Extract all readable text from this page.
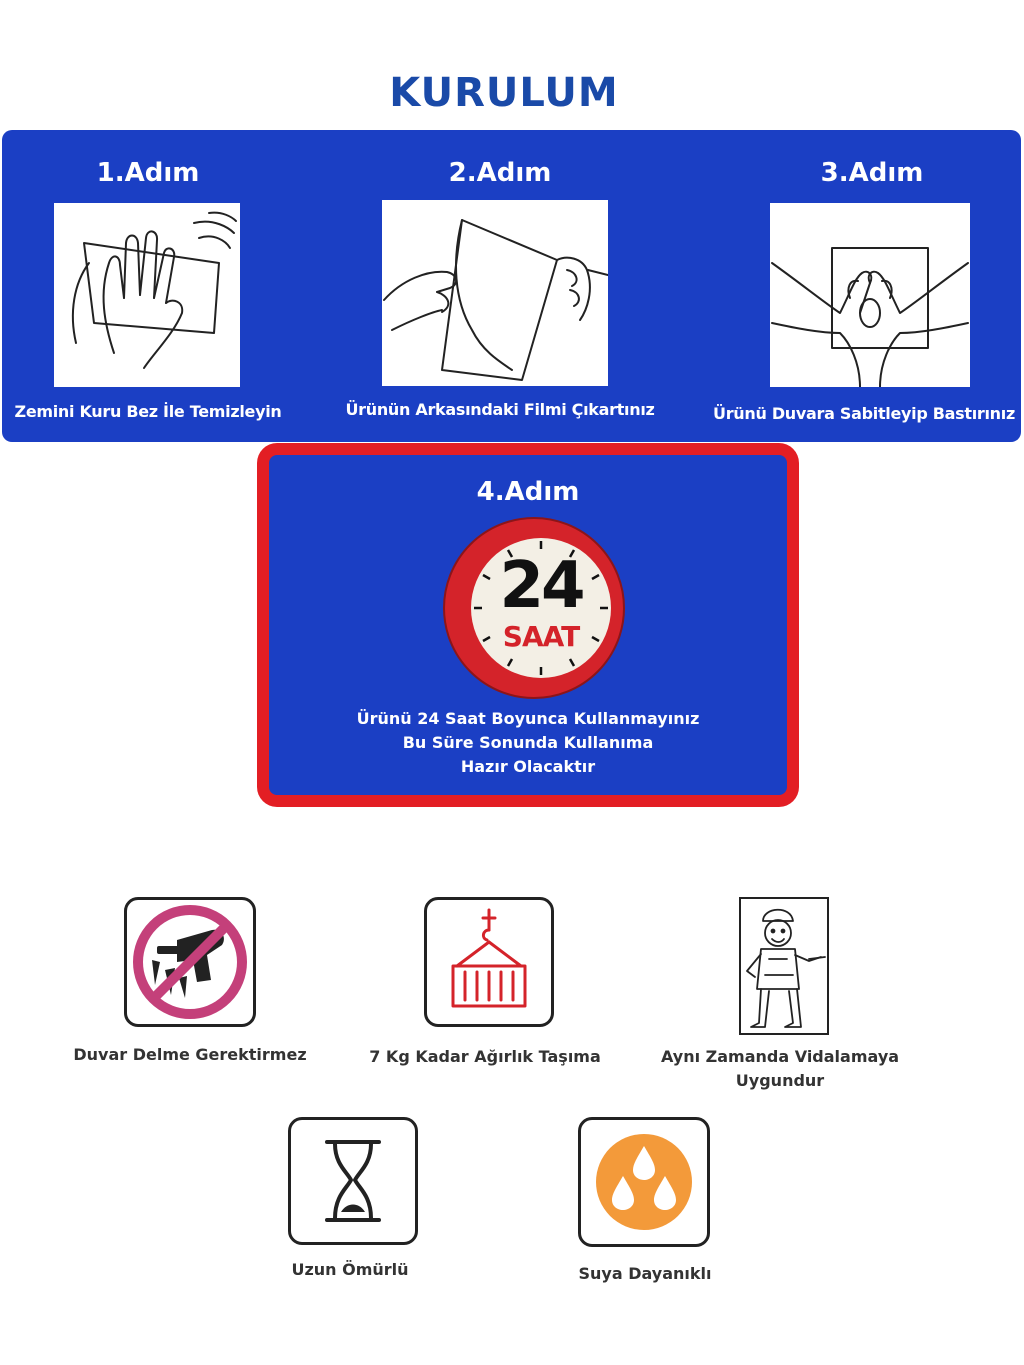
KURULUM
1.Adım
Zemini Kuru Bez İle Temizleyin
2.Adım
Ürünün Arkasındaki Filmi Çıkartınız
3.Adım
Ürünü Duvara Sabitleyip Bastırınız
4.Adım
24
SAAT
Ürünü 24 Saat Boyunca Kullanmayınız
Bu Süre Sonunda Kullanıma
Hazır Olacaktır
Duvar Delme Gerektirmez	7 Kg Kadar Ağırlık Taşıma	Aynı Zamanda Vidalamaya
Uygundur
Uzun Ömürlü	Suya Dayanıklı
